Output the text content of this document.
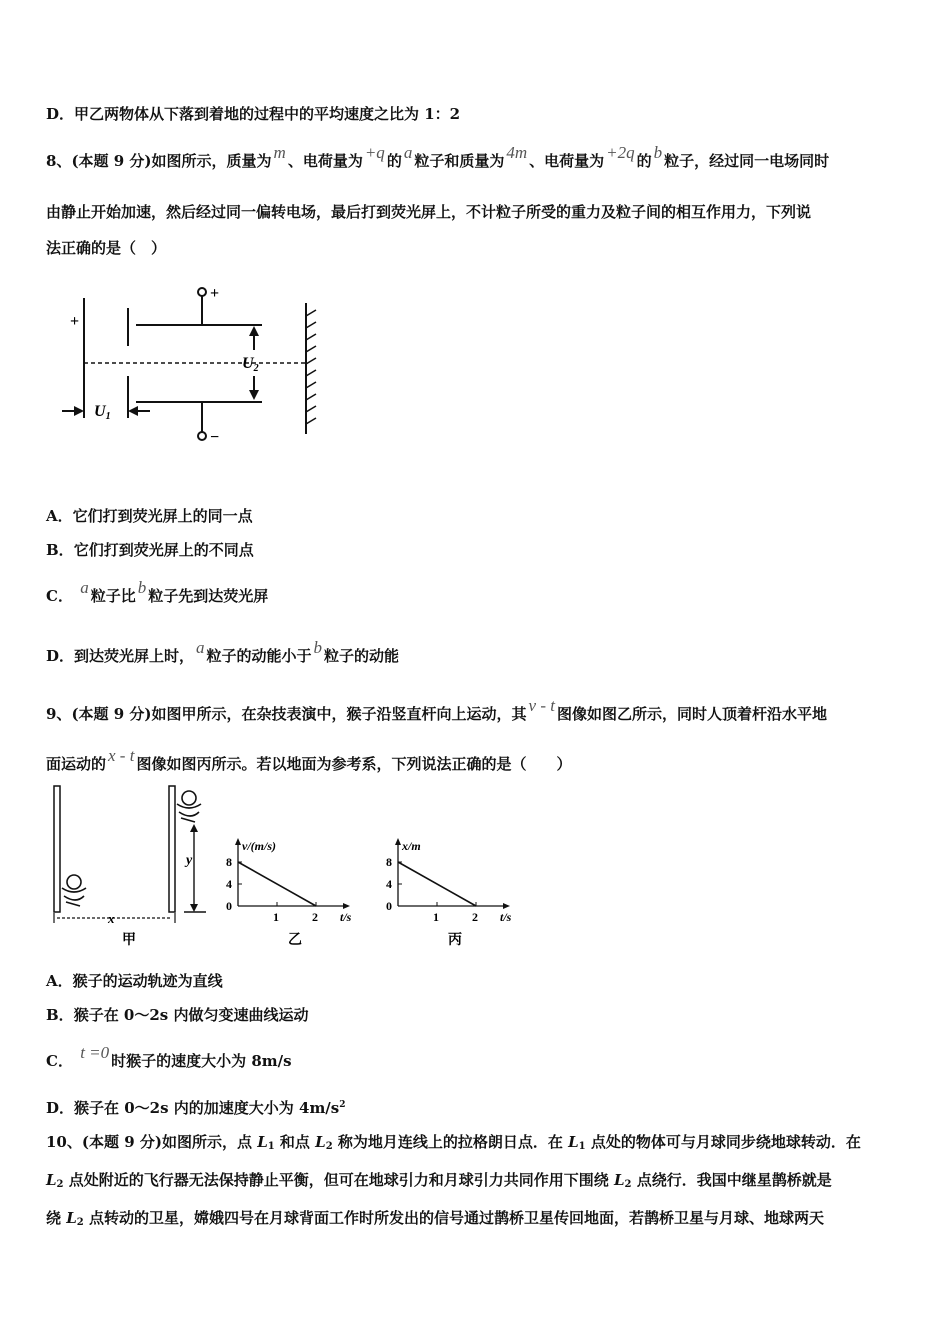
D．甲乙两物体从下落到着地的过程中的平均速度之比为 1：2
8、(本题 9 分)如图所示，质量为 m 、电荷量为 +q 的 a 粒子和质量为 4m 、电荷量为 +2q 的 b 粒子，经过同一电场同时
由静止开始加速，然后经过同一偏转电场，最后打到荧光屏上，不计粒子所受的重力及粒子间的相互作用力，下列说
法正确的是（　）
+
−
+
U2
U1
A．它们打到荧光屏上的同一点
B．它们打到荧光屏上的不同点
C． a 粒子比 b 粒子先到达荧光屏
D．到达荧光屏上时， a 粒子的动能小于 b 粒子的动能
9、(本题 9 分)如图甲所示，在杂技表演中，猴子沿竖直杆向上运动，其 v - t 图像如图乙所示，同时人顶着杆沿水平地
面运动的 x - t 图像如图丙所示。若以地面为参考系，下列说法正确的是（　　）
y
x
甲
v/(m/s)
t/s
0
4
8
1	2
乙
x/m
t/s
0
4
8
1	2
丙
A．猴子的运动轨迹为直线
B．猴子在 0～2s 内做匀变速曲线运动
C． t =0 时猴子的速度大小为 8m/s
D．猴子在 0～2s 内的加速度大小为 $4m/s^2$
10、(本题 9 分)如图所示，点 $L_1$ 和点 $L_2$ 称为地月连线上的拉格朗日点．在 $L_1$ 点处的物体可与月球同步绕地球转动．在
$L_2$ 点处附近的飞行器无法保持静止平衡，但可在地球引力和月球引力共同作用下围绕 $L_2$ 点绕行．我国中继星鹊桥就是
绕 $L_2$ 点转动的卫星，嫦娥四号在月球背面工作时所发出的信号通过鹊桥卫星传回地面，若鹊桥卫星与月球、地球两天
